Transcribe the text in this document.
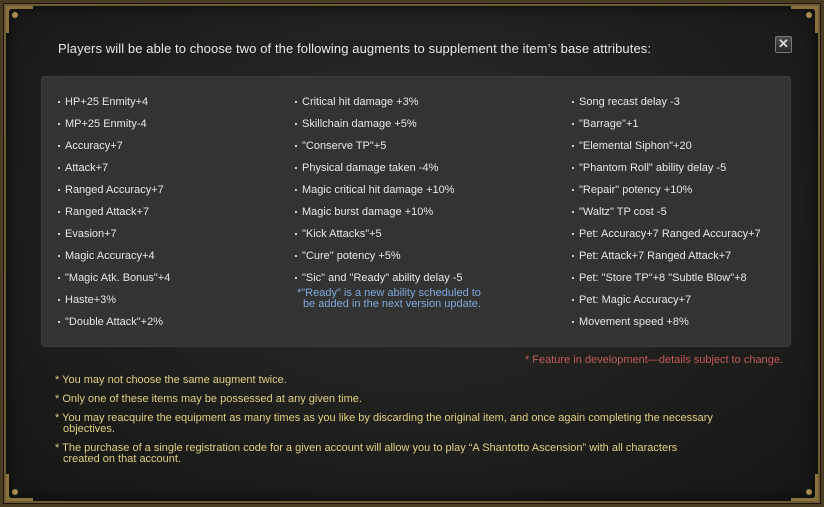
Players will be able to choose two of the following augments to supplement the item’s base attributes:	✕
HP+25 Enmity+4
MP+25 Enmity-4
Accuracy+7
Attack+7
Ranged Accuracy+7
Ranged Attack+7
Evasion+7
Magic Accuracy+4
"Magic Atk. Bonus"+4
Haste+3%
"Double Attack"+2%
Critical hit damage +3%
Skillchain damage +5%
"Conserve TP"+5
Physical damage taken -4%
Magic critical hit damage +10%
Magic burst damage +10%
"Kick Attacks"+5
"Cure" potency +5%
"Sic" and "Ready" ability delay -5
*"Ready" is a new ability scheduled to
be added in the next version update.
Song recast delay -3
"Barrage"+1
"Elemental Siphon"+20
"Phantom Roll" ability delay -5
"Repair" potency +10%
"Waltz" TP cost -5
Pet: Accuracy+7 Ranged Accuracy+7
Pet: Attack+7 Ranged Attack+7
Pet: "Store TP"+8 "Subtle Blow"+8
Pet: Magic Accuracy+7
Movement speed +8%
* Feature in development—details subject to change.
* You may not choose the same augment twice.
* Only one of these items may be possessed at any given time.
* You may reacquire the equipment as many times as you like by discarding the original item, and once again completing the necessary
objectives.
* The purchase of a single registration code for a given account will allow you to play “A Shantotto Ascension” with all characters
created on that account.
